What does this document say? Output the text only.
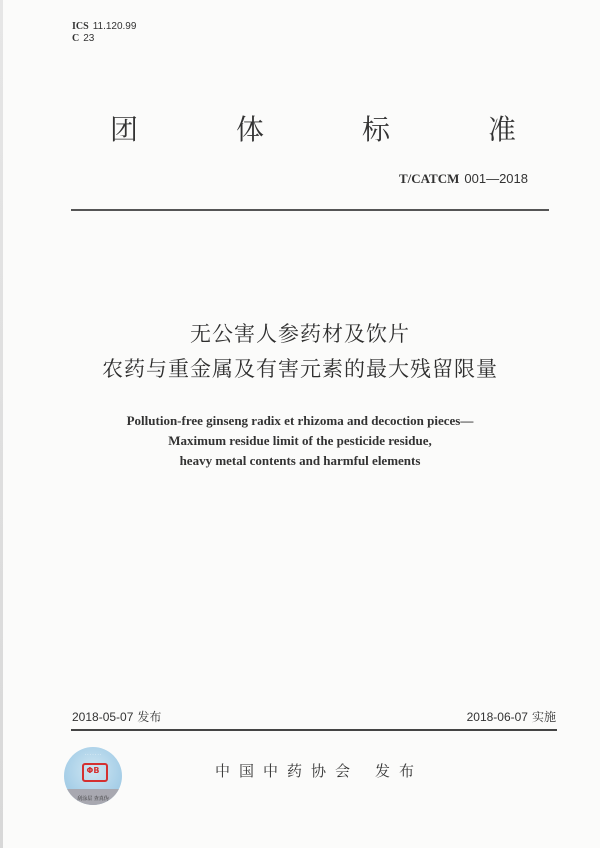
ICS 11.120.99
C 23
团	体	标	准
T/CATCM 001—2018
无公害人参药材及饮片
农药与重金属及有害元素的最大残留限量
Pollution-free ginseng radix et rhizoma and decoction pieces—
Maximum residue limit of the pesticide residue,
heavy metal contents and harmful elements
2018-05-07 发布	2018-06-07 实施
· · · · · · ·
ΦB
刮涂层 查真伪
中国中药协会 发布
